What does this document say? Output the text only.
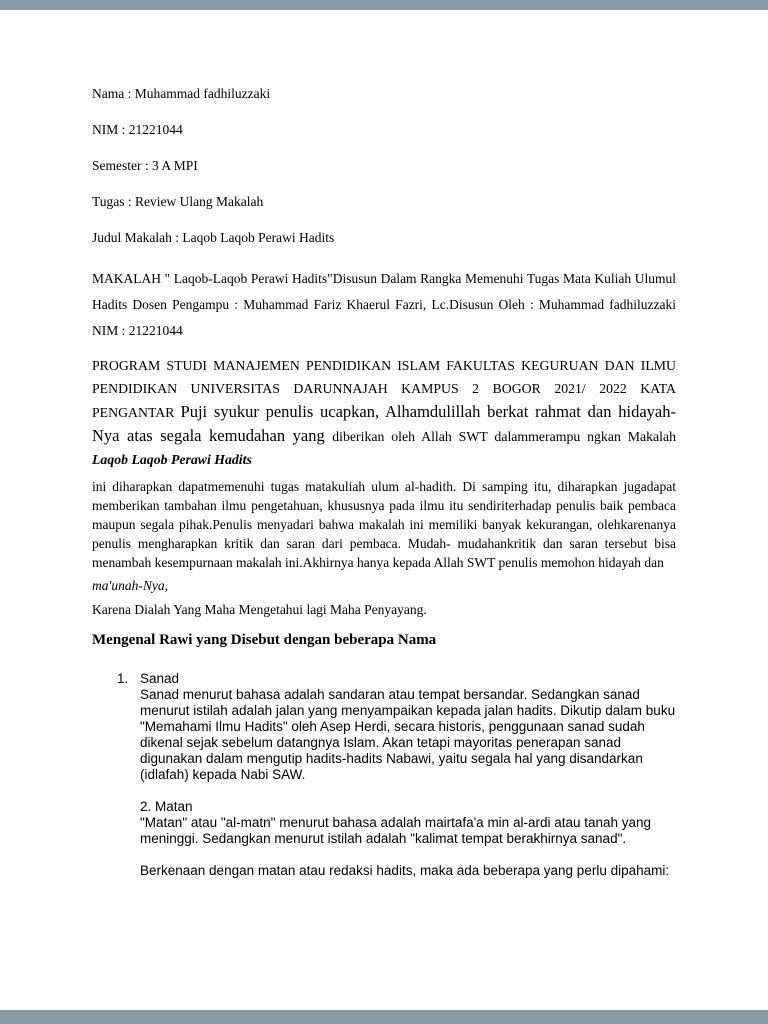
Nama : Muhammad fadhiluzzaki

NIM : 21221044

Semester : 3 A MPI

Tugas : Review Ulang Makalah

Judul Makalah : Laqob Laqob Perawi Hadits

MAKALAH " Laqob-Laqob Perawi Hadits"Disusun Dalam Rangka Memenuhi Tugas Mata Kuliah Ulumul Hadits Dosen Pengampu : Muhammad Fariz Khaerul Fazri, Lc.Disusun Oleh : Muhammad fadhiluzzaki NIM : 21221044

PROGRAM STUDI MANAJEMEN PENDIDIKAN ISLAM FAKULTAS KEGURUAN DAN ILMU PENDIDIKAN UNIVERSITAS DARUNNAJAH KAMPUS 2 BOGOR 2021/ 2022 KATA PENGANTAR Puji syukur penulis ucapkan, Alhamdulillah berkat rahmat dan hidayah- Nya atas segala kemudahan yang diberikan oleh Allah SWT dalammerampu ngkan Makalah Laqob Laqob Perawi Hadits

ini diharapkan dapatmemenuhi tugas matakuliah ulum al-hadith. Di samping itu, diharapkan jugadapat memberikan tambahan ilmu pengetahuan, khususnya pada ilmu itu sendiriterhadap penulis baik pembaca maupun segala pihak.Penulis menyadari bahwa makalah ini memiliki banyak kekurangan, olehkarenanya penulis mengharapkan kritik dan saran dari pembaca. Mudah- mudahankritik dan saran tersebut bisa menambah kesempurnaan makalah ini.Akhirnya hanya kepada Allah SWT penulis memohon hidayah dan

ma'unah-Nya,

Karena Dialah Yang Maha Mengetahui lagi Maha Penyayang.

Mengenal Rawi yang Disebut dengan beberapa Nama
1. Sanad
Sanad menurut bahasa adalah sandaran atau tempat bersandar. Sedangkan sanad menurut istilah adalah jalan yang menyampaikan kepada jalan hadits. Dikutip dalam buku "Memahami Ilmu Hadits" oleh Asep Herdi, secara historis, penggunaan sanad sudah dikenal sejak sebelum datangnya Islam. Akan tetapi mayoritas penerapan sanad digunakan dalam mengutip hadits-hadits Nabawi, yaitu segala hal yang disandarkan (idlafah) kepada Nabi SAW.
2. Matan
"Matan" atau "al-matn" menurut bahasa adalah mairtafa'a min al-ardi atau tanah yang meninggi. Sedangkan menurut istilah adalah "kalimat tempat berakhirnya sanad".
Berkenaan dengan matan atau redaksi hadits, maka ada beberapa yang perlu dipahami:
